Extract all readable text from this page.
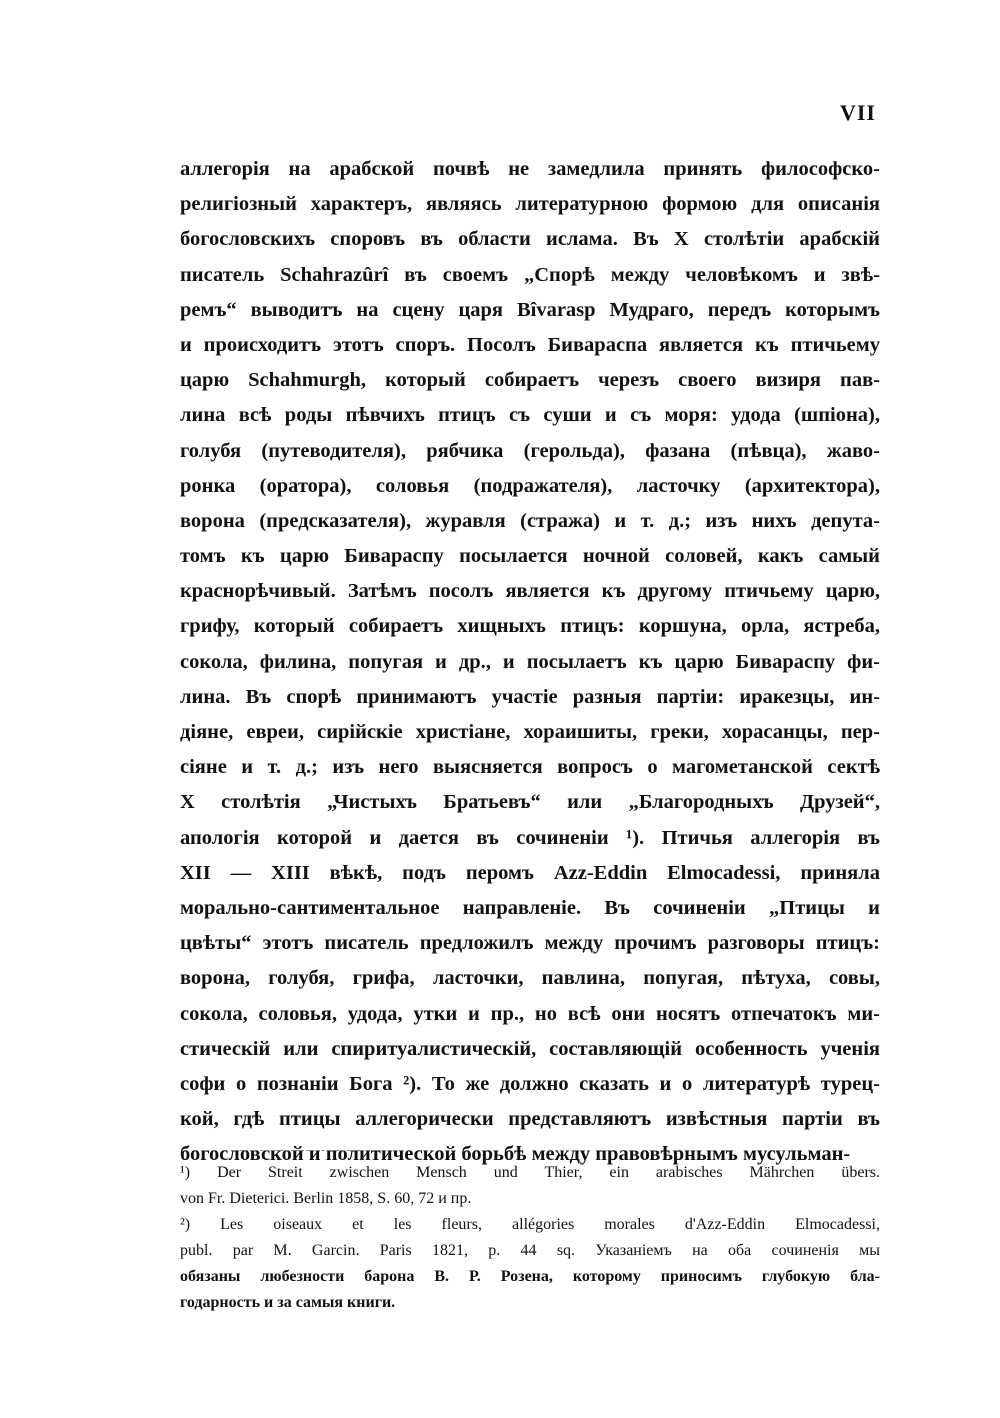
VII
аллегорія на арабской почвѣ не замедлила принять философско-
религіозный характеръ, являясь литературною формою для описанія
богословскихъ споровъ въ области ислама. Въ X столѣтіи арабскій
писатель Schahrazûrî въ своемъ „Спорѣ между человѣкомъ и звѣ-
ремъ“ выводитъ на сцену царя Bîvarasp Мудраго, передъ которымъ
и происходитъ этотъ споръ. Посолъ Бивараспа является къ птичьему
царю Schahmurgh, который собираетъ черезъ своего визиря пав-
лина всѣ роды пѣвчихъ птицъ съ суши и съ моря: удода (шпіона),
голубя (путеводителя), рябчика (герольда), фазана (пѣвца), жаво-
ронка (оратора), соловья (подражателя), ласточку (архитектора),
ворона (предсказателя), журавля (стража) и т. д.; изъ нихъ депута-
томъ къ царю Бивараспу посылается ночной соловей, какъ самый
краснорѣчивый. Затѣмъ посолъ является къ другому птичьему царю,
грифу, который собираетъ хищныхъ птицъ: коршуна, орла, ястреба,
сокола, филина, попугая и др., и посылаетъ къ царю Бивараспу фи-
лина. Въ спорѣ принимаютъ участіе разныя партіи: иракезцы, ин-
діяне, евреи, сирійскіе христіане, хораишиты, греки, хорасанцы, пер-
сіяне и т. д.; изъ него выясняется вопросъ о магометанской сектѣ
X столѣтія „Чистыхъ Братьевъ“ или „Благородныхъ Друзей“,
апологія которой и дается въ сочиненіи ¹). Птичья аллегорія въ
XII — XIII вѣкѣ, подъ перомъ Azz-Eddin Elmocadessi, приняла
морально-сантиментальное направленіе. Въ сочиненіи „Птицы и
цвѣты“ этотъ писатель предложилъ между прочимъ разговоры птицъ:
ворона, голубя, грифа, ласточки, павлина, попугая, пѣтуха, совы,
сокола, соловья, удода, утки и пр., но всѣ они носятъ отпечатокъ ми-
стическій или спиритуалистическій, составляющій особенность ученія
софи о познаніи Бога ²). То же должно сказать и о литературѣ турец-
кой, гдѣ птицы аллегорически представляютъ извѣстныя партіи въ
богословской и политической борьбѣ между правовѣрнымъ мусульман-
¹) Der Streit zwischen Mensch und Thier, ein arabisches Mährchen übers.
von Fr. Dieterici. Berlin 1858, S. 60, 72 и пр.
²) Les oiseaux et les fleurs, allégories morales d'Azz-Eddin Elmocadessi,
publ. par M. Garcin. Paris 1821, p. 44 sq. Указаніемъ на оба сочиненія мы
обязаны любезности барона В. Р. Розена, которому приносимъ глубокую бла-
годарность и за самыя книги.
